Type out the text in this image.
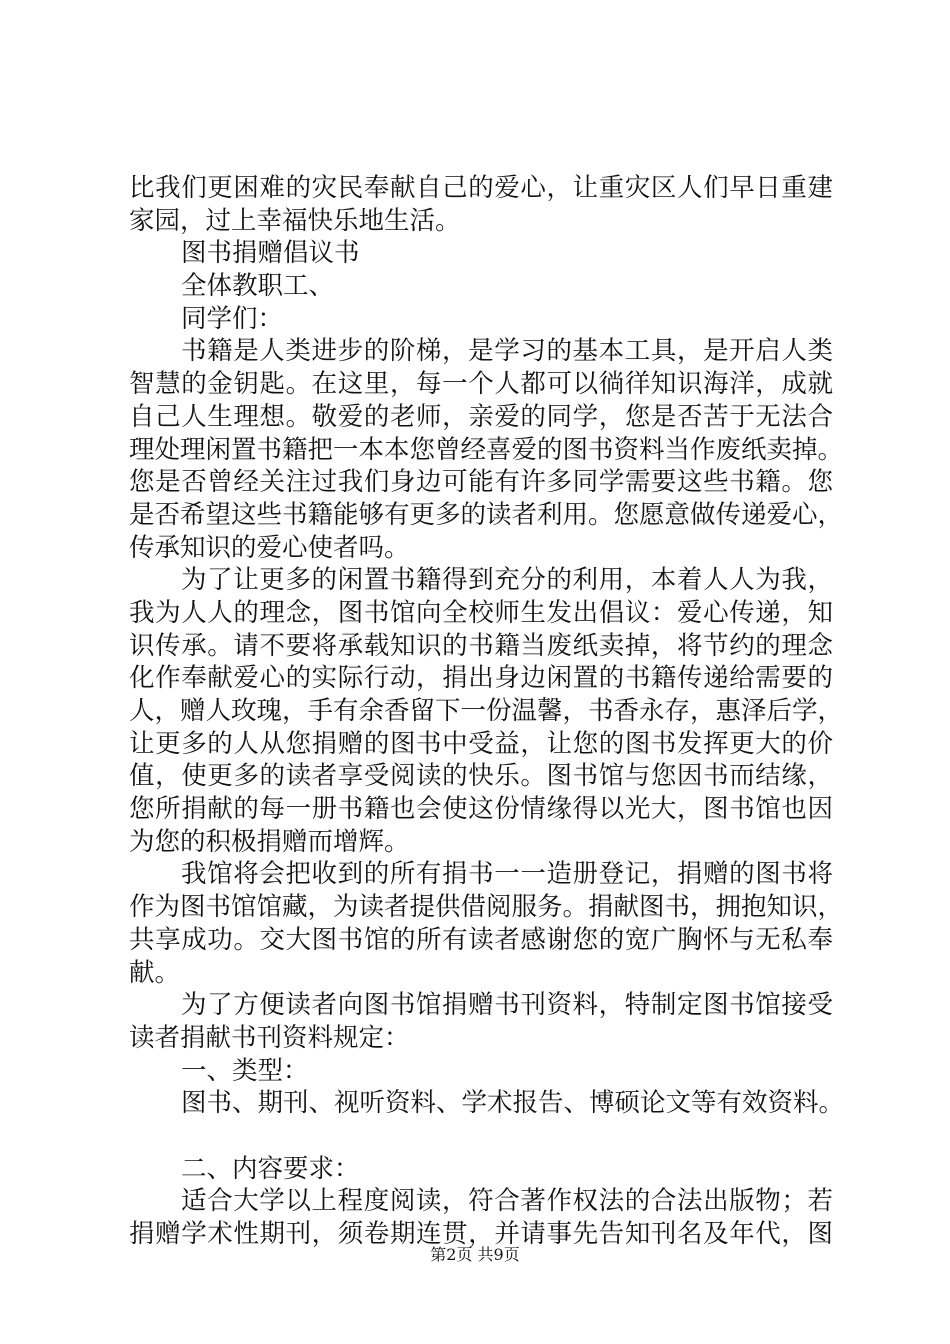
比我们更困难的灾民奉献自己的爱心，让重灾区人们早日重建
家园，过上幸福快乐地生活。
图书捐赠倡议书
全体教职工、
同学们：
书籍是人类进步的阶梯，是学习的基本工具，是开启人类
智慧的金钥匙。在这里，每一个人都可以徜徉知识海洋，成就
自己人生理想。敬爱的老师，亲爱的同学，您是否苦于无法合
理处理闲置书籍把一本本您曾经喜爱的图书资料当作废纸卖掉。
您是否曾经关注过我们身边可能有许多同学需要这些书籍。您
是否希望这些书籍能够有更多的读者利用。您愿意做传递爱心，
传承知识的爱心使者吗。
为了让更多的闲置书籍得到充分的利用，本着人人为我，
我为人人的理念，图书馆向全校师生发出倡议：爱心传递，知
识传承。请不要将承载知识的书籍当废纸卖掉，将节约的理念
化作奉献爱心的实际行动，捐出身边闲置的书籍传递给需要的
人，赠人玫瑰，手有余香留下一份温馨，书香永存，惠泽后学，
让更多的人从您捐赠的图书中受益，让您的图书发挥更大的价
值，使更多的读者享受阅读的快乐。图书馆与您因书而结缘，
您所捐献的每一册书籍也会使这份情缘得以光大，图书馆也因
为您的积极捐赠而增辉。
我馆将会把收到的所有捐书一一造册登记，捐赠的图书将
作为图书馆馆藏，为读者提供借阅服务。捐献图书，拥抱知识，
共享成功。交大图书馆的所有读者感谢您的宽广胸怀与无私奉
献。
为了方便读者向图书馆捐赠书刊资料，特制定图书馆接受
读者捐献书刊资料规定：
一、类型：
图书、期刊、视听资料、学术报告、博硕论文等有效资料。
二、内容要求：
适合大学以上程度阅读，符合著作权法的合法出版物；若
捐赠学术性期刊，须卷期连贯，并请事先告知刊名及年代，图
第2页 共9页
